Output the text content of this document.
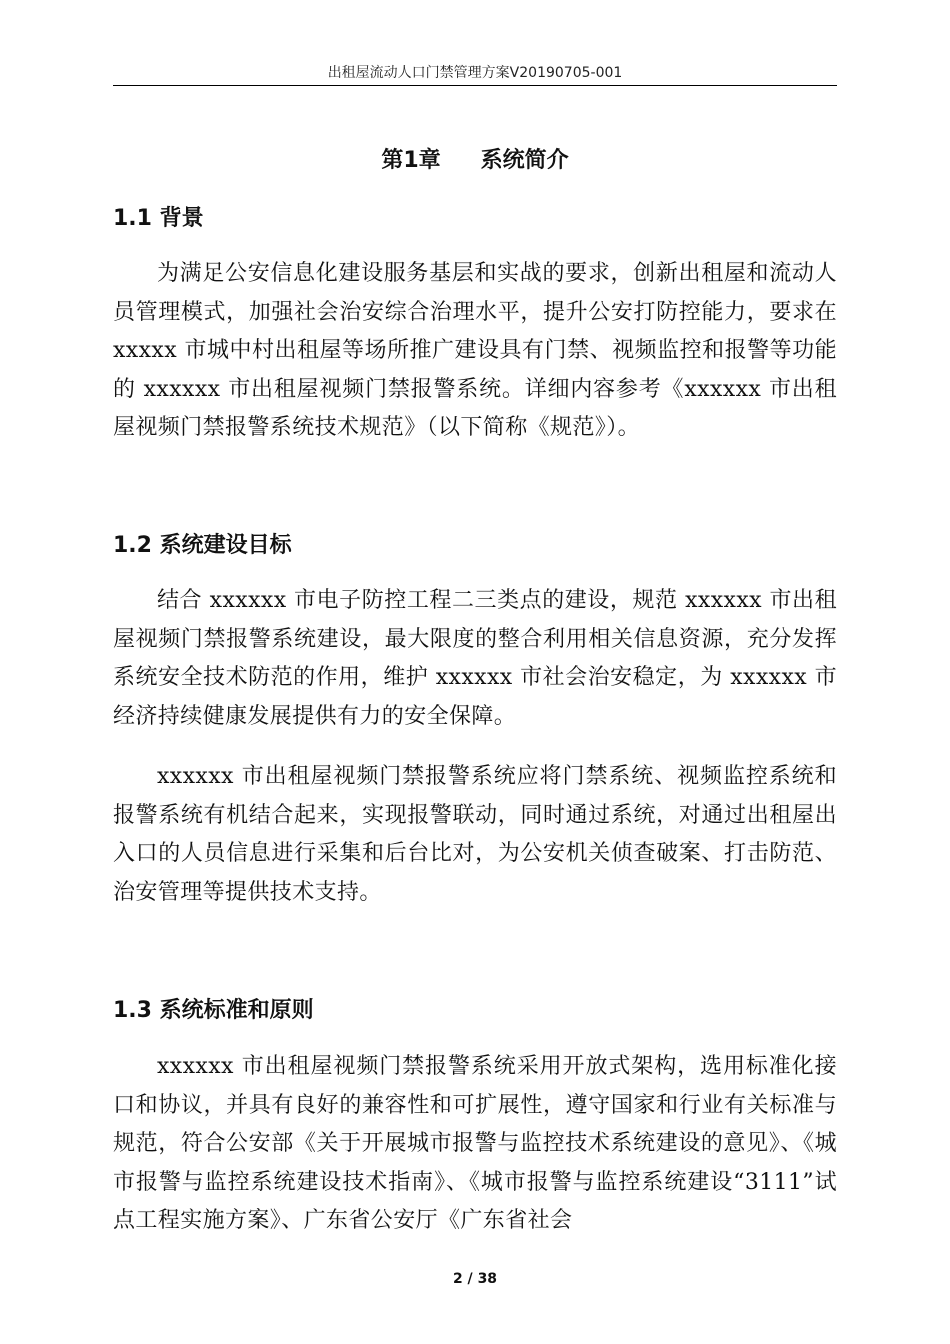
出租屋流动人口门禁管理方案V20190705-001
第1章 系统简介
1.1 背景
为满足公安信息化建设服务基层和实战的要求，创新出租屋和流动人员管理模式，加强社会治安综合治理水平，提升公安打防控能力，要求在 xxxxx 市城中村出租屋等场所推广建设具有门禁、视频监控和报警等功能的 xxxxxx 市出租屋视频门禁报警系统。详细内容参考《xxxxxx 市出租屋视频门禁报警系统技术规范》（以下简称《规范》）。
1.2 系统建设目标
结合 xxxxxx 市电子防控工程二三类点的建设，规范 xxxxxx 市出租屋视频门禁报警系统建设，最大限度的整合利用相关信息资源，充分发挥系统安全技术防范的作用，维护 xxxxxx 市社会治安稳定，为 xxxxxx 市经济持续健康发展提供有力的安全保障。
xxxxxx 市出租屋视频门禁报警系统应将门禁系统、视频监控系统和报警系统有机结合起来，实现报警联动，同时通过系统，对通过出租屋出入口的人员信息进行采集和后台比对，为公安机关侦查破案、打击防范、治安管理等提供技术支持。
1.3 系统标准和原则
xxxxxx 市出租屋视频门禁报警系统采用开放式架构，选用标准化接口和协议，并具有良好的兼容性和可扩展性，遵守国家和行业有关标准与规范，符合公安部《关于开展城市报警与监控技术系统建设的意见》、《城市报警与监控系统建设技术指南》、《城市报警与监控系统建设“3111”试点工程实施方案》、广东省公安厅《广东省社会
2 / 38
